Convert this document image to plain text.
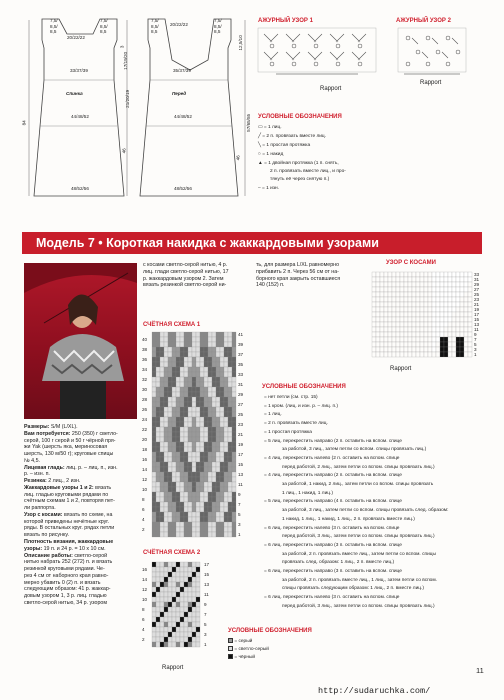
7,5/ 8,5/ 8,5
20/22/22
7,5/ 8,5/ 8,5
33/37/39
Спинка
44/48/52
48/52/56
84
3
17/19/20
21/20/19
46
7,5/ 8,5/ 8,5
20/22/22
7,5/ 8,5/ 8,5
35/37/39
Перед
44/48/52
48/52/56
12,5/10
57/65/55
46
АЖУРНЫЙ УЗОР 1	АЖУРНЫЙ УЗОР 2
Rapport
Rapport
УСЛОВНЫЕ ОБОЗНАЧЕНИЯ
▭ = 1 лиц.
╱ = 2 п. провязать вместе лиц.
╲ = 1 простая протяжка
○ = 1 накид
▲ = 1 двойная протяжка (1 п. снять,
2 п. провязать вместе лиц., и про-
тянуть её через снятую п.)
– = 1 изн.
Модель 7 • Короткая накидка с жаккардовыми узорами
Размеры: S/M (L/XL).
Вам потребуется: 250 (350) г светло-
серой, 100 г серой и 50 г чёрной пря-
жи Yak (шерсть яка, мериносовая
шерсть, 130 м/50 г); круговые спицы
№ 4,5.
Лицевая гладь: лиц. р. – лиц. п., изн.
р. – изн. п.
Резинка: 2 лиц., 2 изн.
Жаккардовые узоры 1 и 2: вязать
лиц. гладью круговыми рядами по
счётным схемам 1 и 2, повторяя пет-
ли раппорта.
Узор с косами: вязать по схеме, на
которой приведены нечётные круг.
ряды. В остальных круг. рядах петли
вязать по рисунку.
Плотность вязания, жаккардовые
узоры: 19 п. и 24 р. = 10 х 10 см.
Описание работы: светло-серой
нитью набрать 252 (272) п. и вязать
резинкой круговыми рядами. Че-
рез 4 см от наборного края равно-
мерно убавить 0 (2) п. и вязать
следующим образом: 41 р. жаккар-
довым узором 1, 3 р. лиц. гладью
светло-серой нитью, 34 р. узором
с косами светло-серой нитью, 4 р.
лиц. глади светло-серой нитью, 17
р. жаккардовым узором 2. Затем
вязать резинкой светло-серой ни-
ть, для размера L/XL равномерно
прибавить 2 п. Через 56 см от на-
борного края закрыть оставшиеся
140 (152) п.
СЧЁТНАЯ СХЕМА 1
41
39
37
35
33
31
29
27
25
23
21
19
17
15
13
11
9
7
5
3
1
40
38
36
34
32
30
28
26
24
22
20
18
16
14
12
10
8
6
4
2
СЧЁТНАЯ СХЕМА 2
17
15
13
11
9
7
5
3
1
16
14
12
10
8
6
4
2
Rapport
УЗОР С КОСАМИ
33
31
29
27
25
23
21
19
17
15
13
11
9
7
5
3
1
Rapport
УСЛОВНЫЕ ОБОЗНАЧЕНИЯ
= нет петли (см. стр. 15)
= 1 кром. (лиц. и изн. р. – лиц. п.)
= 1 лиц.
= 2 п. провязать вместе лиц.
= 1 простая протяжка
= 5 лиц. перекрестить направо (2 п. оставить на вспом. спице
за работой, 3 лиц., затем петли со вспом. спицы провязать лиц.)
= 4 лиц. перекрестить налево (2 п. оставить на вспом. спице
перед работой, 2 лиц., затем петли со вспом. спицы провязать лиц.)
= 4 лиц. перекрестить направо (2 п. оставить на вспом. спице
за работой, 1 накид, 2 лиц., затем петли со вспом. спицы провязать
1 лиц., 1 накид, 1 лиц.)
= 5 лиц. перекрестить направо (4 п. оставить на вспом. спице
за работой, 3 лиц., затем петли со вспом. спицы провязать след. образом:
1 накид, 1 лиц., 1 накид, 1 лиц., 2 п. провязать вместе лиц.)
= 6 лиц. перекрестить налево (3 п. оставить на вспом. спице
перед работой, 3 лиц., затем петли со вспом. спицы провязать лиц.)
= 6 лиц. перекрестить направо (3 п. оставить на вспом. спице
за работой, 2 п. провязать вместе лиц., затем петли со вспом. спицы
провязать след. образом: 1 лиц., 2 п. вместе лиц.)
= 6 лиц. перекрестить направо (3 п. оставить на вспом. спице
за работой, 2 п. провязать вместе лиц., 1 лиц., затем петли со вспом.
спицы провязать следующим образом: 1 лиц., 2 п. вместе лиц.)
= 6 лиц. перекрестить налево (3 п. оставить на вспом. спице
перед работой, 3 лиц., затем петли со вспом. спицы провязать лиц.)
УСЛОВНЫЕ ОБОЗНАЧЕНИЯ
= серый
= светло-серый
= чёрный
11
http://sudaruchka.com/
